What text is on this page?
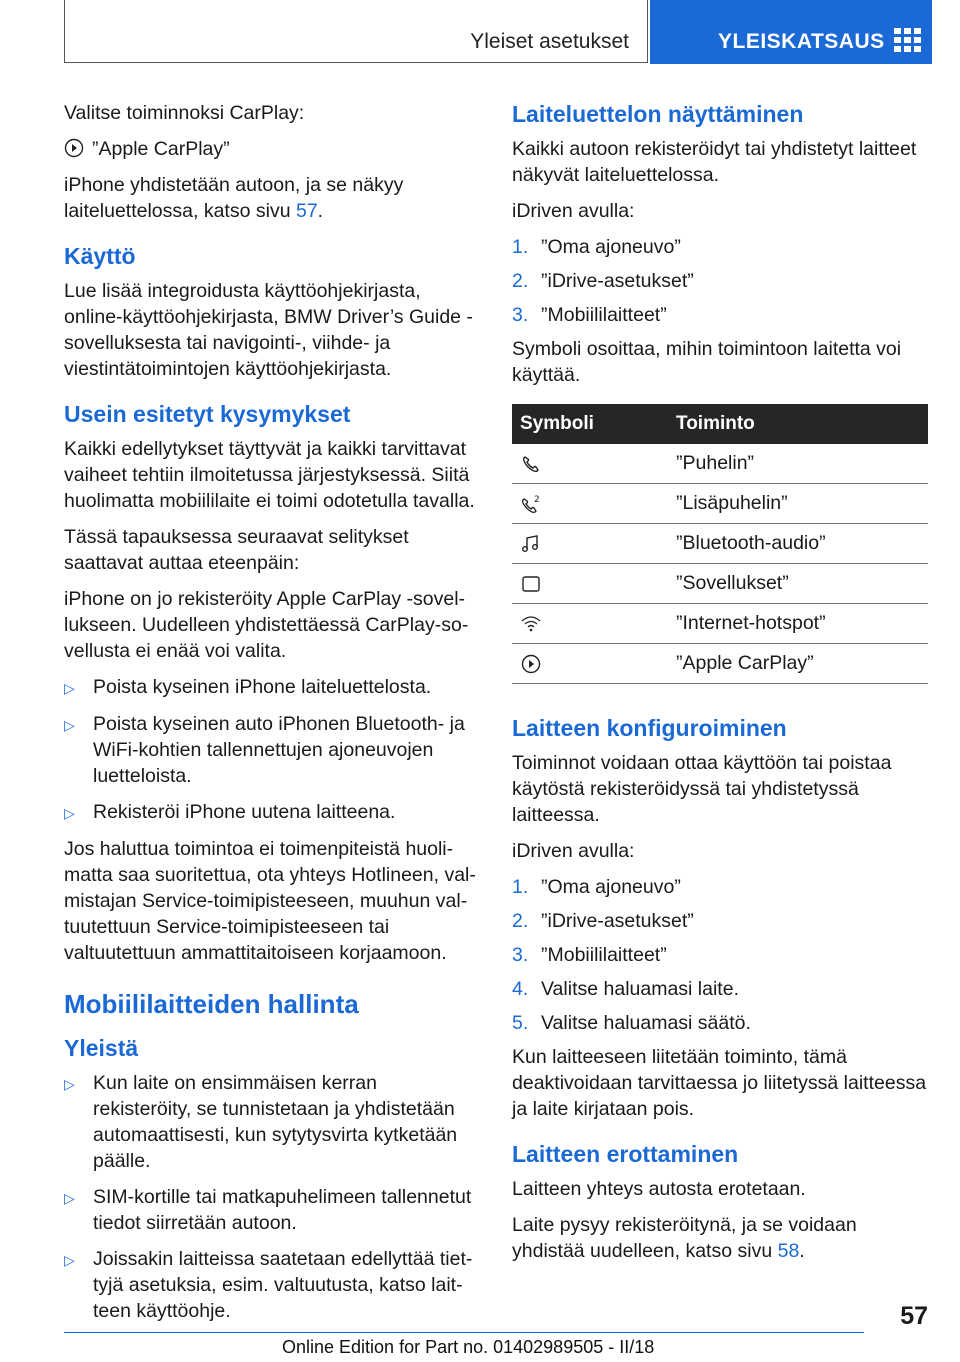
Yleiset asetukset	YLEISKATSAUS

Valitse toiminnoksi CarPlay:

”Apple CarPlay”

iPhone yhdistetään autoon, ja se näkyy laiteluettelossa, katso sivu 57.

Käyttö

Lue lisää integroidusta käyttöohjekirjasta, online-käyttöohjekirjasta, BMW Driver’s Guide -sovelluksesta tai navigointi-, viihde- ja viestintätoimintojen käyttöohjekirjasta.

Usein esitetyt kysymykset

Kaikki edellytykset täyttyvät ja kaikki tarvittavat vaiheet tehtiin ilmoitetussa järjestyksessä. Siitä huolimatta mobiililaite ei toimi odotetulla tavalla.

Tässä tapauksessa seuraavat selitykset saattavat auttaa eteenpäin:

iPhone on jo rekisteröity Apple CarPlay -sovellukseen. Uudelleen yhdistettäessä CarPlay-sovellusta ei enää voi valita.

▷ Poista kyseinen iPhone laiteluettelosta.
▷ Poista kyseinen auto iPhonen Bluetooth- ja WiFi-kohtien tallennettujen ajoneuvojen luetteloista.
▷ Rekisteröi iPhone uutena laitteena.

Jos haluttua toimintoa ei toimenpiteistä huolimatta saa suoritettua, ota yhteys Hotlineen, valmistajan Service-toimipisteeseen, muuhun valtuutettuun Service-toimipisteeseen tai valtuutettuun ammattitaitoiseen korjaamoon.

Mobiililaitteiden hallinta
Yleistä
▷ Kun laite on ensimmäisen kerran rekisteröity, se tunnistetaan ja yhdistetään automaattisesti, kun sytytysvirta kytketään päälle.
▷ SIM-kortille tai matkapuhelimeen tallennetut tiedot siirretään autoon.
▷ Joissakin laitteissa saatetaan edellyttää tiettyjä asetuksia, esim. valtuutusta, katso laitteen käyttöohje.
Laiteluettelon näyttäminen

Kaikki autoon rekisteröidyt tai yhdistetyt laitteet näkyvät laiteluettelossa.

iDriven avulla:

1. ”Oma ajoneuvo”
2. ”iDrive-asetukset”
3. ”Mobiililaitteet”

Symboli osoittaa, mihin toimintoon laitetta voi käyttää.

Symboli	Toiminto
	”Puhelin”

2	”Lisäpuhelin”
	”Bluetooth-audio”
	”Sovellukset”
	”Internet-hotspot”
	”Apple CarPlay”
Laitteen konfiguroiminen

Toiminnot voidaan ottaa käyttöön tai poistaa käytöstä rekisteröidyssä tai yhdistetyssä laitteessa.

iDriven avulla:

1. ”Oma ajoneuvo”
2. ”iDrive-asetukset”
3. ”Mobiililaitteet”
4. Valitse haluamasi laite.
5. Valitse haluamasi säätö.

Kun laitteeseen liitetään toiminto, tämä deaktivoidaan tarvittaessa jo liitetyssä laitteessa ja laite kirjataan pois.

Laitteen erottaminen

Laitteen yhteys autosta erotetaan.

Laite pysyy rekisteröitynä, ja se voidaan yhdistää uudelleen, katso sivu 58.

57
Online Edition for Part no. 01402989505 - II/18
